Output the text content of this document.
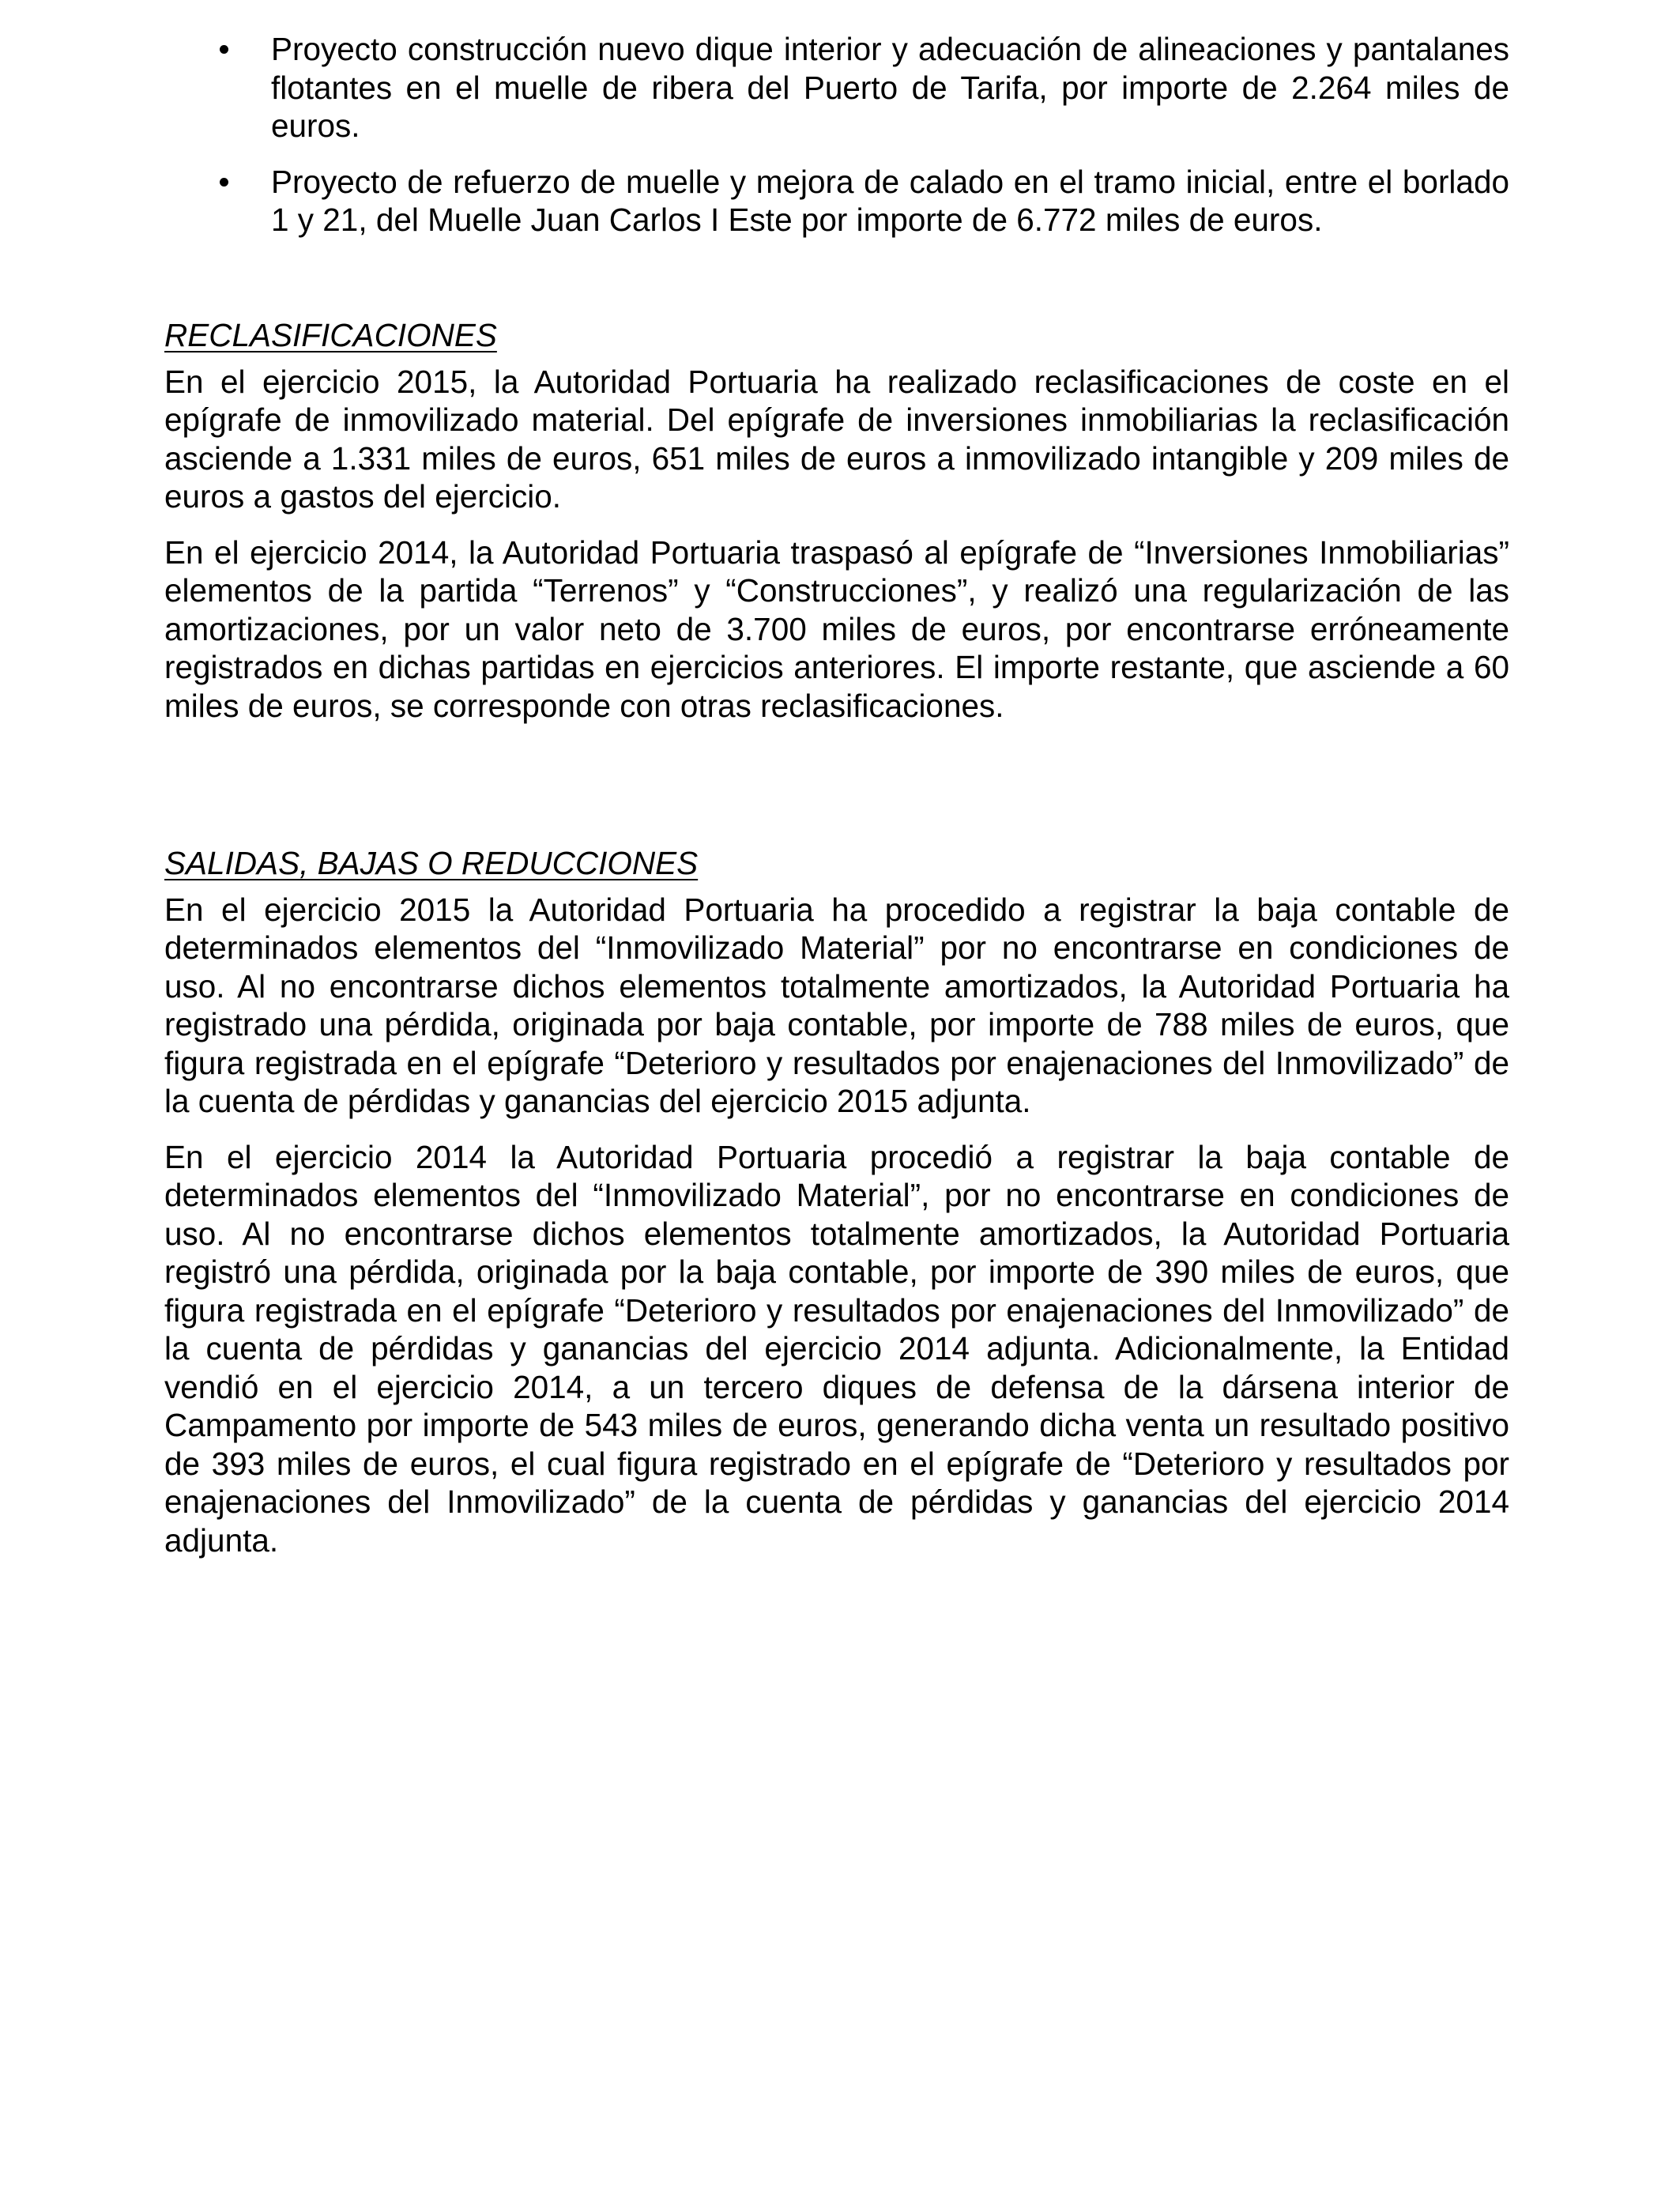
Proyecto construcción nuevo dique interior y adecuación de alineaciones y pantalanes flotantes en el muelle de ribera del Puerto de Tarifa, por importe de 2.264 miles de euros.
Proyecto de refuerzo de muelle y mejora de calado en el tramo inicial, entre el borlado 1 y 21, del Muelle Juan Carlos I Este por importe de 6.772 miles de euros.

RECLASIFICACIONES

En el ejercicio 2015, la Autoridad Portuaria ha realizado reclasificaciones de coste en el epígrafe de inmovilizado material. Del epígrafe de inversiones inmobiliarias la reclasificación asciende a 1.331 miles de euros, 651 miles de euros a inmovilizado intangible y 209 miles de euros a gastos del ejercicio.

En el ejercicio 2014, la Autoridad Portuaria traspasó al epígrafe de “Inversiones Inmobiliarias” elementos de la partida “Terrenos” y “Construcciones”, y realizó una regularización de las amortizaciones, por un valor neto de 3.700 miles de euros, por encontrarse erróneamente registrados en dichas partidas en ejercicios anteriores. El importe restante, que asciende a 60 miles de euros, se corresponde con otras reclasificaciones.

SALIDAS, BAJAS O REDUCCIONES

En el ejercicio 2015 la Autoridad Portuaria ha procedido a registrar la baja contable de determinados elementos del “Inmovilizado Material” por no encontrarse en condiciones de uso. Al no encontrarse dichos elementos totalmente amortizados, la Autoridad Portuaria ha registrado una pérdida, originada por baja contable, por importe de 788 miles de euros, que figura registrada en el epígrafe “Deterioro y resultados por enajenaciones del Inmovilizado” de la cuenta de pérdidas y ganancias del ejercicio 2015 adjunta.

En el ejercicio 2014 la Autoridad Portuaria procedió a registrar la baja contable de determinados elementos del “Inmovilizado Material”, por no encontrarse en condiciones de uso. Al no encontrarse dichos elementos totalmente amortizados, la Autoridad Portuaria registró una pérdida, originada por la baja contable, por importe de 390 miles de euros, que figura registrada en el epígrafe “Deterioro y resultados por enajenaciones del Inmovilizado” de la cuenta de pérdidas y ganancias del ejercicio 2014 adjunta. Adicionalmente, la Entidad vendió en el ejercicio 2014, a un tercero diques de defensa de la dársena interior de Campamento por importe de 543 miles de euros, generando dicha venta un resultado positivo de 393 miles de euros, el cual figura registrado en el epígrafe de “Deterioro y resultados por enajenaciones del Inmovilizado” de la cuenta de pérdidas y ganancias del ejercicio 2014 adjunta.
